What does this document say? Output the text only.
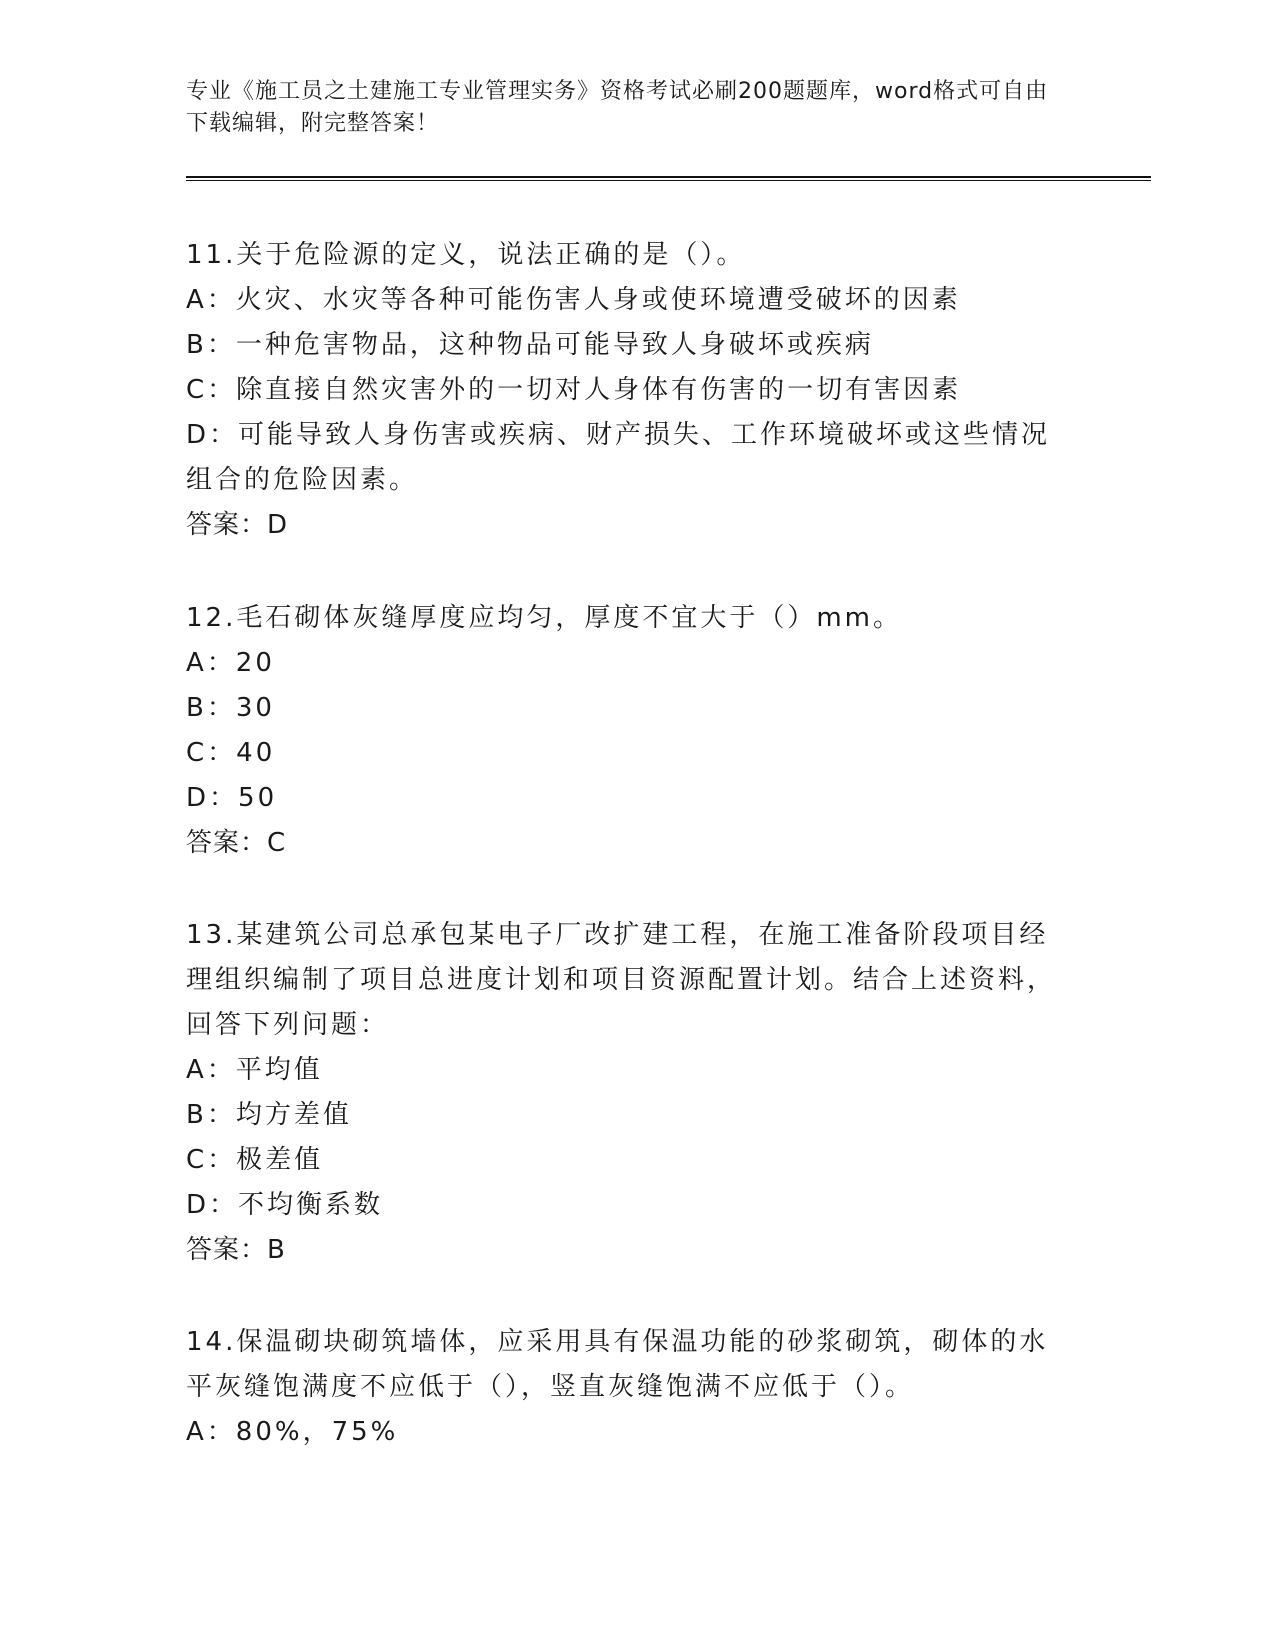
专业《施工员之土建施工专业管理实务》资格考试必刷200题题库，word格式可自由下载编辑，附完整答案！
11.关于危险源的定义，说法正确的是（）。
A：火灾、水灾等各种可能伤害人身或使环境遭受破坏的因素
B：一种危害物品，这种物品可能导致人身破坏或疾病
C：除直接自然灾害外的一切对人身体有伤害的一切有害因素
D：可能导致人身伤害或疾病、财产损失、工作环境破坏或这些情况组合的危险因素。
答案：D
12.毛石砌体灰缝厚度应均匀，厚度不宜大于（）mm。
A：20
B：30
C：40
D：50
答案：C
13.某建筑公司总承包某电子厂改扩建工程，在施工准备阶段项目经理组织编制了项目总进度计划和项目资源配置计划。结合上述资料，回答下列问题：
A：平均值
B：均方差值
C：极差值
D：不均衡系数
答案：B
14.保温砌块砌筑墙体，应采用具有保温功能的砂浆砌筑，砌体的水平灰缝饱满度不应低于（），竖直灰缝饱满不应低于（）。
A：80%，75%
